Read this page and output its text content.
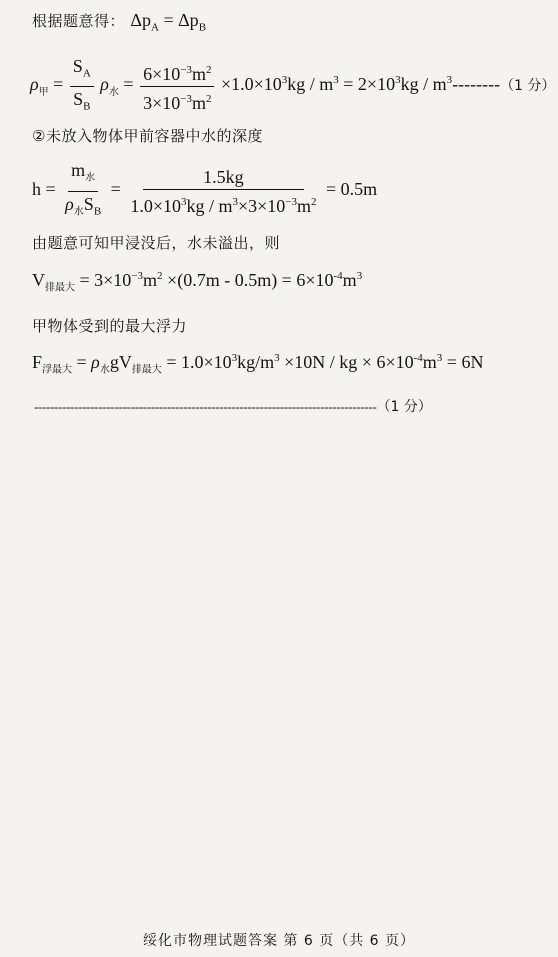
根据题意得： $\Delta p_A = \Delta p_B$
$\rho_甲 = \frac{S_A}{S_B} \rho_水 = \frac{6\times 10^{-3}m^2}{3\times 10^{-3}m^2} \times 1.0\times 10^3kg / m^3 = 2\times 10^3kg / m^3--------(1$ 分）
②未放入物体甲前容器中水的深度
$h = \frac{m_水}{\rho_水S_B} = \frac{1.5kg}{1.0\times 10^3kg / m^3\times 3\times 10^{-3}m^2} = 0.5m$
由题意可知甲浸没后，水未溢出，则
$V_{排最大} = 3\times 10^{-3}m^2 \times(0.7m - 0.5m) = 6\times 10^{-4}m^3$
甲物体受到的最大浮力
$F_{浮最大} = \rho_水gV_{排最大} = 1.0\times 10^3kg/m^3 \times 10N$ / kg × $6\times 10^{-4}m^3 = 6N$
-------------------------------------------------------------------------------------（1 分）
绥化市物理试题答案 第 6 页（共 6 页）
